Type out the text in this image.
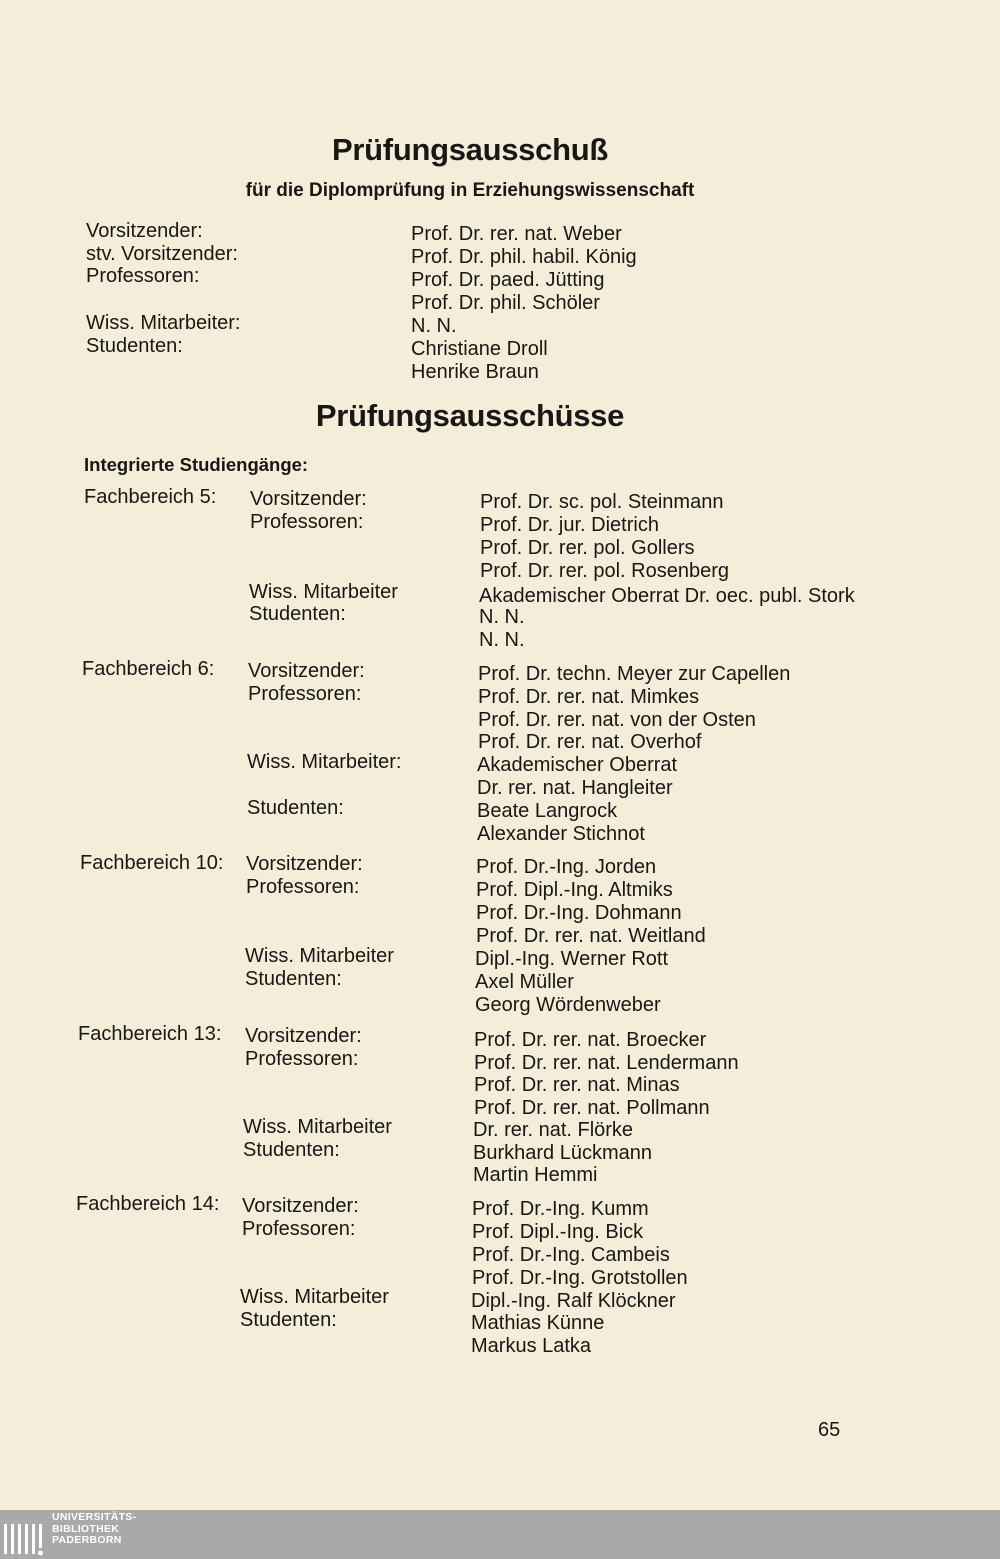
Prüfungsausschuß
für die Diplomprüfung in Erziehungswissenschaft
Vorsitzender:
stv. Vorsitzender:
Professoren:
Wiss. Mitarbeiter:
Studenten:
Prof. Dr. rer. nat. Weber
Prof. Dr. phil. habil. König
Prof. Dr. paed. Jütting
Prof. Dr. phil. Schöler
N. N.
Christiane Droll
Henrike Braun
Prüfungsausschüsse
Integrierte Studiengänge:
Fachbereich 5: Vorsitzender:
Professoren:
Wiss. Mitarbeiter
Studenten:
Prof. Dr. sc. pol. Steinmann
Prof. Dr. jur. Dietrich
Prof. Dr. rer. pol. Gollers
Prof. Dr. rer. pol. Rosenberg
Akademischer Oberrat Dr. oec. publ. Stork
N. N.
N. N.
Fachbereich 6: Vorsitzender:
Professoren:
Wiss. Mitarbeiter:
Studenten:
Prof. Dr. techn. Meyer zur Capellen
Prof. Dr. rer. nat. Mimkes
Prof. Dr. rer. nat. von der Osten
Prof. Dr. rer. nat. Overhof
Akademischer Oberrat
Dr. rer. nat. Hangleiter
Beate Langrock
Alexander Stichnot
Fachbereich 10: Vorsitzender:
Professoren:
Wiss. Mitarbeiter
Studenten:
Prof. Dr.-Ing. Jorden
Prof. Dipl.-Ing. Altmiks
Prof. Dr.-Ing. Dohmann
Prof. Dr. rer. nat. Weitland
Dipl.-Ing. Werner Rott
Axel Müller
Georg Wördenweber
Fachbereich 13: Vorsitzender:
Professoren:
Wiss. Mitarbeiter
Studenten:
Prof. Dr. rer. nat. Broecker
Prof. Dr. rer. nat. Lendermann
Prof. Dr. rer. nat. Minas
Prof. Dr. rer. nat. Pollmann
Dr. rer. nat. Flörke
Burkhard Lückmann
Martin Hemmi
Fachbereich 14: Vorsitzender:
Professoren:
Wiss. Mitarbeiter
Studenten:
Prof. Dr.-Ing. Kumm
Prof. Dipl.-Ing. Bick
Prof. Dr.-Ing. Cambeis
Prof. Dr.-Ing. Grotstollen
Dipl.-Ing. Ralf Klöckner
Mathias Künne
Markus Latka
65
UNIVERSITÄTS-
BIBLIOTHEK
PADERBORN
